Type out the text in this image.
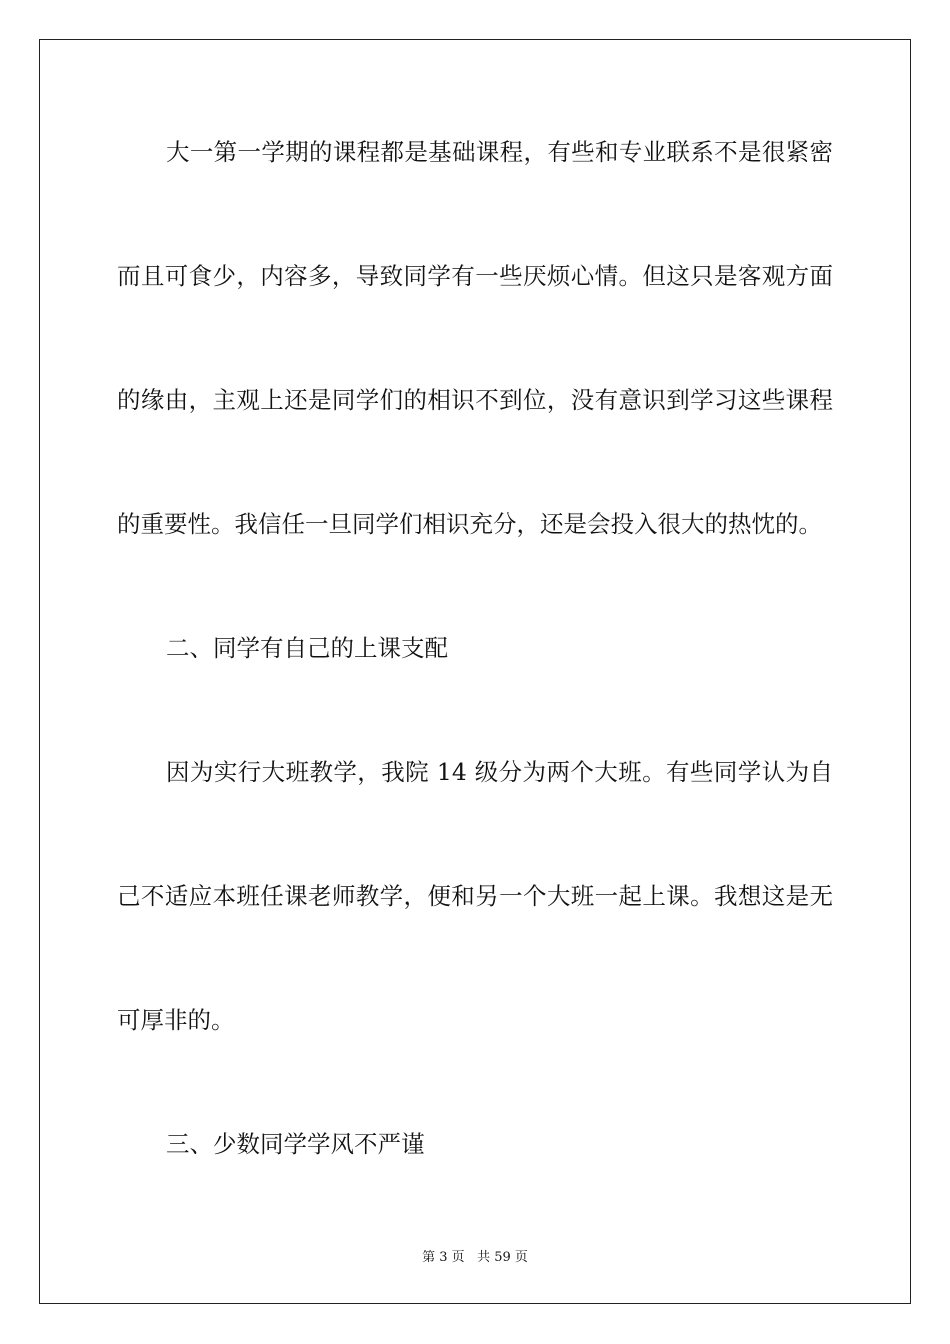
大一第一学期的课程都是基础课程，有些和专业联系不是很紧密
而且可食少，内容多，导致同学有一些厌烦心情。但这只是客观方面
的缘由，主观上还是同学们的相识不到位，没有意识到学习这些课程
的重要性。我信任一旦同学们相识充分，还是会投入很大的热忱的。
二、同学有自己的上课支配
因为实行大班教学，我院 14 级分为两个大班。有些同学认为自
己不适应本班任课老师教学，便和另一个大班一起上课。我想这是无
可厚非的。
三、少数同学学风不严谨
第 3 页 共 59 页
